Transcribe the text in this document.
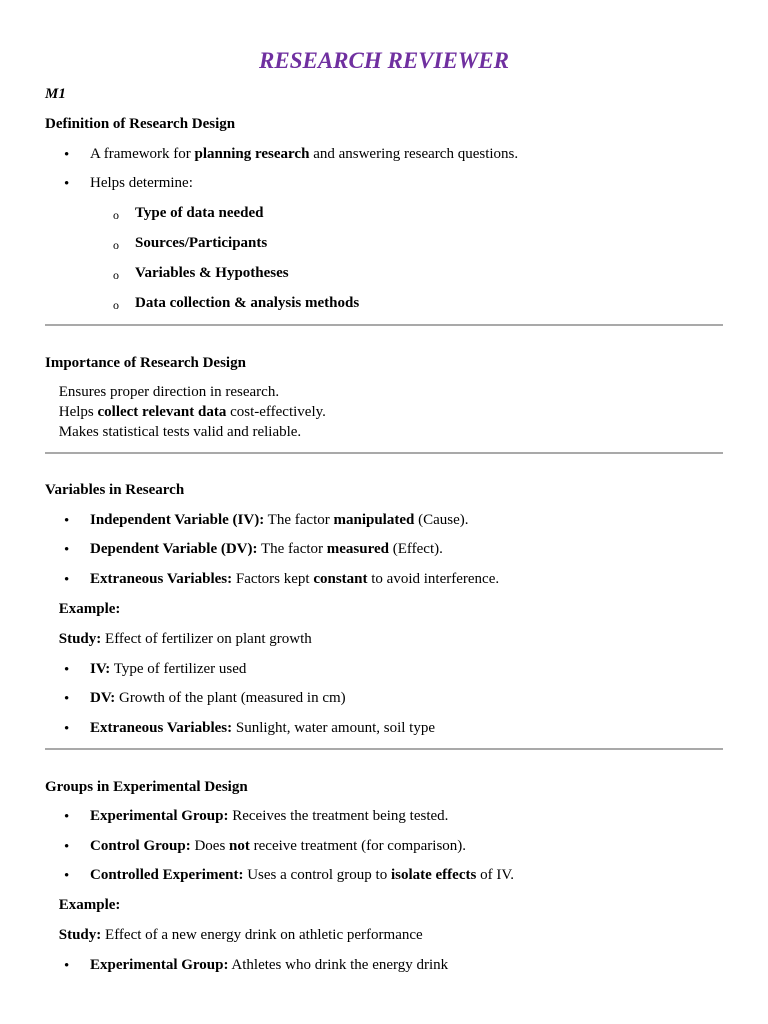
RESEARCH REVIEWER
M1
Definition of Research Design
•	A framework for planning research and answering research questions.
•	Helps determine:
o Type of data needed
o Sources/Participants
o Variables & Hypotheses
o Data collection & analysis methods
Importance of Research Design
Ensures proper direction in research.
Helps collect relevant data cost-effectively.
Makes statistical tests valid and reliable.
Variables in Research
•	Independent Variable (IV): The factor manipulated (Cause).
•	Dependent Variable (DV): The factor measured (Effect).
•	Extraneous Variables: Factors kept constant to avoid interference.
Example:
Study: Effect of fertilizer on plant growth
•	IV: Type of fertilizer used
•	DV: Growth of the plant (measured in cm)
•	Extraneous Variables: Sunlight, water amount, soil type
Groups in Experimental Design
•	Experimental Group: Receives the treatment being tested.
•	Control Group: Does not receive treatment (for comparison).
•	Controlled Experiment: Uses a control group to isolate effects of IV.
Example:
Study: Effect of a new energy drink on athletic performance
•	Experimental Group: Athletes who drink the energy drink
